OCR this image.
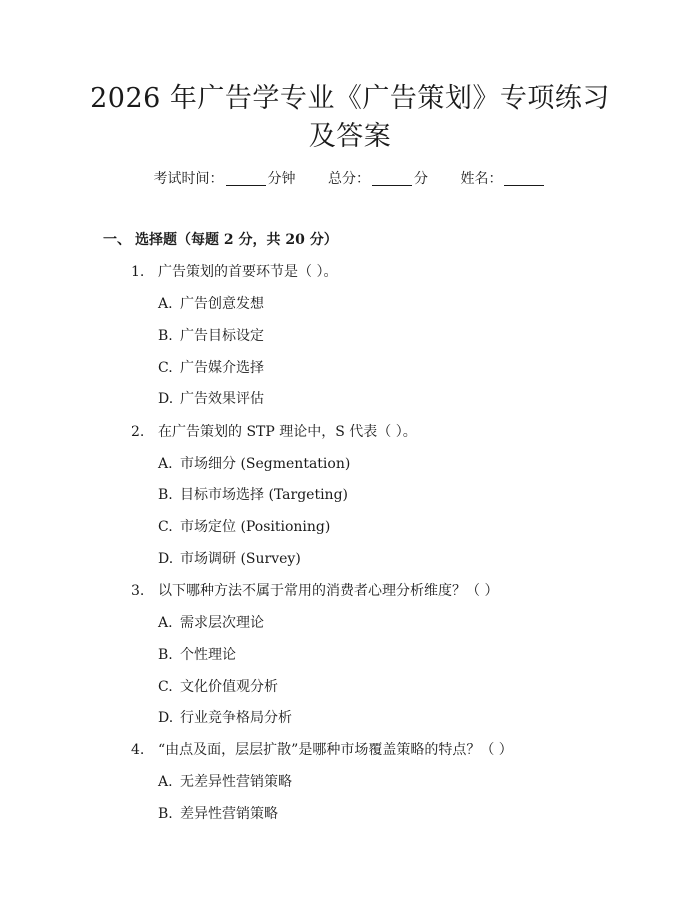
2026 年广告学专业《广告策划》专项练习及答案
考试时间：	分钟 总分：	分 姓名：
一、 选择题（每题 2 分，共 20 分）
1. 广告策划的首要环节是（ ）。
A. 广告创意发想
B. 广告目标设定
C. 广告媒介选择
D. 广告效果评估
2. 在广告策划的 STP 理论中，S 代表（ ）。
A. 市场细分 (Segmentation)
B. 目标市场选择 (Targeting)
C. 市场定位 (Positioning)
D. 市场调研 (Survey)
3. 以下哪种方法不属于常用的消费者心理分析维度？（ ）
A. 需求层次理论
B. 个性理论
C. 文化价值观分析
D. 行业竞争格局分析
4. “由点及面，层层扩散”是哪种市场覆盖策略的特点？（ ）
A. 无差异性营销策略
B. 差异性营销策略
